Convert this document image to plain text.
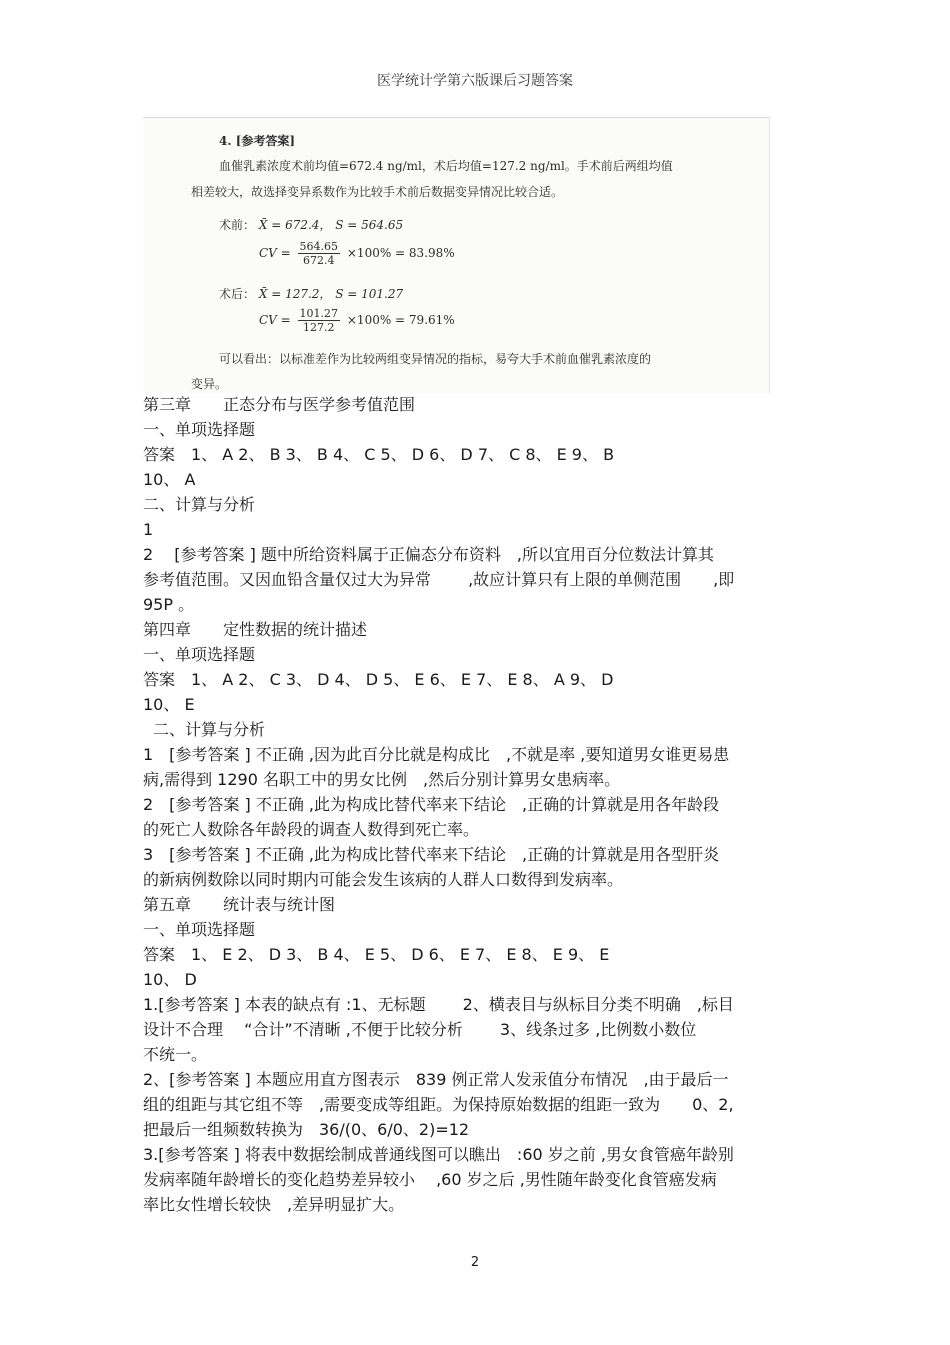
医学统计学第六版课后习题答案
4. [参考答案]
血催乳素浓度术前均值=672.4 ng/ml，术后均值=127.2 ng/ml。手术前后两组均值
相差较大，故选择变异系数作为比较手术前后数据变异情况比较合适。
术前： X̄ = 672.4， S = 564.65
CV = $\frac{564.65}{672.4} \times 100\% = 83.98\%$
术后： X̄ = 127.2， S = 101.27
CV = $\frac{101.27}{127.2} \times 100\% = 79.61\%$
可以看出：以标准差作为比较两组变异情况的指标，易夸大手术前血催乳素浓度的
变异。

第三章　　正态分布与医学参考值范围

一、单项选择题

答案　1、 A 2、 B 3、 B 4、 C 5、 D 6、 D 7、 C 8、 E 9、 B

10、 A

二、计算与分析

1

2　 [参考答案 ] 题中所给资料属于正偏态分布资料　,所以宜用百分位数法计算其

参考值范围。又因血铅含量仅过大为异常　　 ,故应计算只有上限的单侧范围　　,即

95P 。

第四章　　定性数据的统计描述

一、单项选择题

答案　1、 A 2、 C 3、 D 4、 D 5、 E 6、 E 7、 E 8、 A 9、 D

10、 E

二、计算与分析

1　[参考答案 ] 不正确 ,因为此百分比就是构成比　,不就是率 ,要知道男女谁更易患

病,需得到 1290 名职工中的男女比例　,然后分别计算男女患病率。

2　[参考答案 ] 不正确 ,此为构成比替代率来下结论　,正确的计算就是用各年龄段

的死亡人数除各年龄段的调查人数得到死亡率。

3　[参考答案 ] 不正确 ,此为构成比替代率来下结论　,正确的计算就是用各型肝炎

的新病例数除以同时期内可能会发生该病的人群人口数得到发病率。

第五章　　统计表与统计图

一、单项选择题

答案　1、 E 2、 D 3、 B 4、 E 5、 D 6、 E 7、 E 8、 E 9、 E

10、 D

1.[参考答案 ] 本表的缺点有 :1、无标题　　 2、横表目与纵标目分类不明确　,标目

设计不合理　 “合计”不清晰 ,不便于比较分析　　 3、线条过多 ,比例数小数位

不统一。

2、[参考答案 ] 本题应用直方图表示　839 例正常人发汞值分布情况　,由于最后一

组的组距与其它组不等　,需要变成等组距。为保持原始数据的组距一致为　　0、2,

把最后一组频数转换为　36/(0、6/0、2)=12

3.[参考答案 ] 将表中数据绘制成普通线图可以瞧出　:60 岁之前 ,男女食管癌年龄别

发病率随年龄增长的变化趋势差异较小　 ,60 岁之后 ,男性随年龄变化食管癌发病

率比女性增长较快　,差异明显扩大。

2
